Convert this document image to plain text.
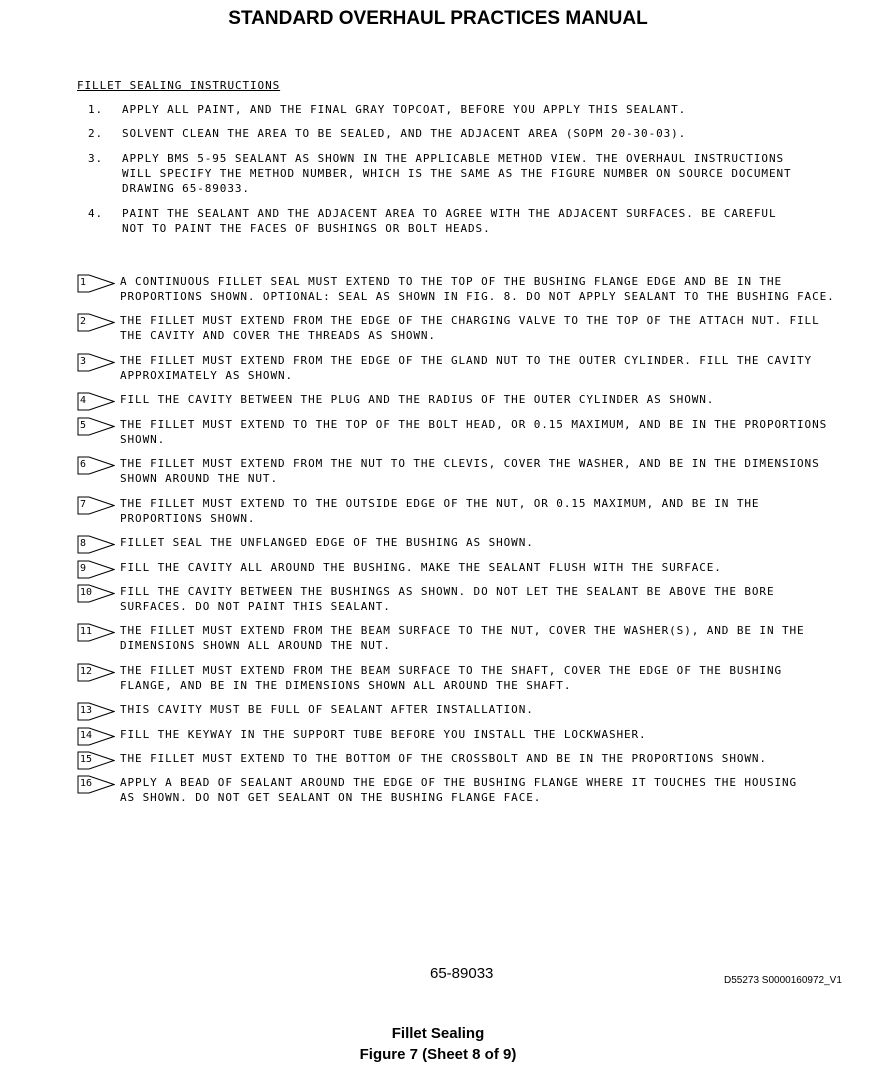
STANDARD OVERHAUL PRACTICES MANUAL
FILLET SEALING INSTRUCTIONS
1.	APPLY ALL PAINT, AND THE FINAL GRAY TOPCOAT, BEFORE YOU APPLY THIS SEALANT.
2.	SOLVENT CLEAN THE AREA TO BE SEALED, AND THE ADJACENT AREA (SOPM 20-30-03).
3.	APPLY BMS 5-95 SEALANT AS SHOWN IN THE APPLICABLE METHOD VIEW. THE OVERHAUL INSTRUCTIONS
WILL SPECIFY THE METHOD NUMBER, WHICH IS THE SAME AS THE FIGURE NUMBER ON SOURCE DOCUMENT
DRAWING 65-89033.
4.	PAINT THE SEALANT AND THE ADJACENT AREA TO AGREE WITH THE ADJACENT SURFACES. BE CAREFUL
NOT TO PAINT THE FACES OF BUSHINGS OR BOLT HEADS.
1	A CONTINUOUS FILLET SEAL MUST EXTEND TO THE TOP OF THE BUSHING FLANGE EDGE AND BE IN THE
PROPORTIONS SHOWN. OPTIONAL: SEAL AS SHOWN IN FIG. 8. DO NOT APPLY SEALANT TO THE BUSHING FACE.
2	THE FILLET MUST EXTEND FROM THE EDGE OF THE CHARGING VALVE TO THE TOP OF THE ATTACH NUT. FILL
THE CAVITY AND COVER THE THREADS AS SHOWN.
3	THE FILLET MUST EXTEND FROM THE EDGE OF THE GLAND NUT TO THE OUTER CYLINDER. FILL THE CAVITY
APPROXIMATELY AS SHOWN.
4	FILL THE CAVITY BETWEEN THE PLUG AND THE RADIUS OF THE OUTER CYLINDER AS SHOWN.
5	THE FILLET MUST EXTEND TO THE TOP OF THE BOLT HEAD, OR 0.15 MAXIMUM, AND BE IN THE PROPORTIONS
SHOWN.
6	THE FILLET MUST EXTEND FROM THE NUT TO THE CLEVIS, COVER THE WASHER, AND BE IN THE DIMENSIONS
SHOWN AROUND THE NUT.
7	THE FILLET MUST EXTEND TO THE OUTSIDE EDGE OF THE NUT, OR 0.15 MAXIMUM, AND BE IN THE
PROPORTIONS SHOWN.
8	FILLET SEAL THE UNFLANGED EDGE OF THE BUSHING AS SHOWN.
9	FILL THE CAVITY ALL AROUND THE BUSHING. MAKE THE SEALANT FLUSH WITH THE SURFACE.
10	FILL THE CAVITY BETWEEN THE BUSHINGS AS SHOWN. DO NOT LET THE SEALANT BE ABOVE THE BORE
SURFACES. DO NOT PAINT THIS SEALANT.
11	THE FILLET MUST EXTEND FROM THE BEAM SURFACE TO THE NUT, COVER THE WASHER(S), AND BE IN THE
DIMENSIONS SHOWN ALL AROUND THE NUT.
12	THE FILLET MUST EXTEND FROM THE BEAM SURFACE TO THE SHAFT, COVER THE EDGE OF THE BUSHING
FLANGE, AND BE IN THE DIMENSIONS SHOWN ALL AROUND THE SHAFT.
13	THIS CAVITY MUST BE FULL OF SEALANT AFTER INSTALLATION.
14	FILL THE KEYWAY IN THE SUPPORT TUBE BEFORE YOU INSTALL THE LOCKWASHER.
15	THE FILLET MUST EXTEND TO THE BOTTOM OF THE CROSSBOLT AND BE IN THE PROPORTIONS SHOWN.
16	APPLY A BEAD OF SEALANT AROUND THE EDGE OF THE BUSHING FLANGE WHERE IT TOUCHES THE HOUSING
AS SHOWN. DO NOT GET SEALANT ON THE BUSHING FLANGE FACE.
65-89033	D55273 S0000160972_V1
Fillet Sealing
Figure 7 (Sheet 8 of 9)
